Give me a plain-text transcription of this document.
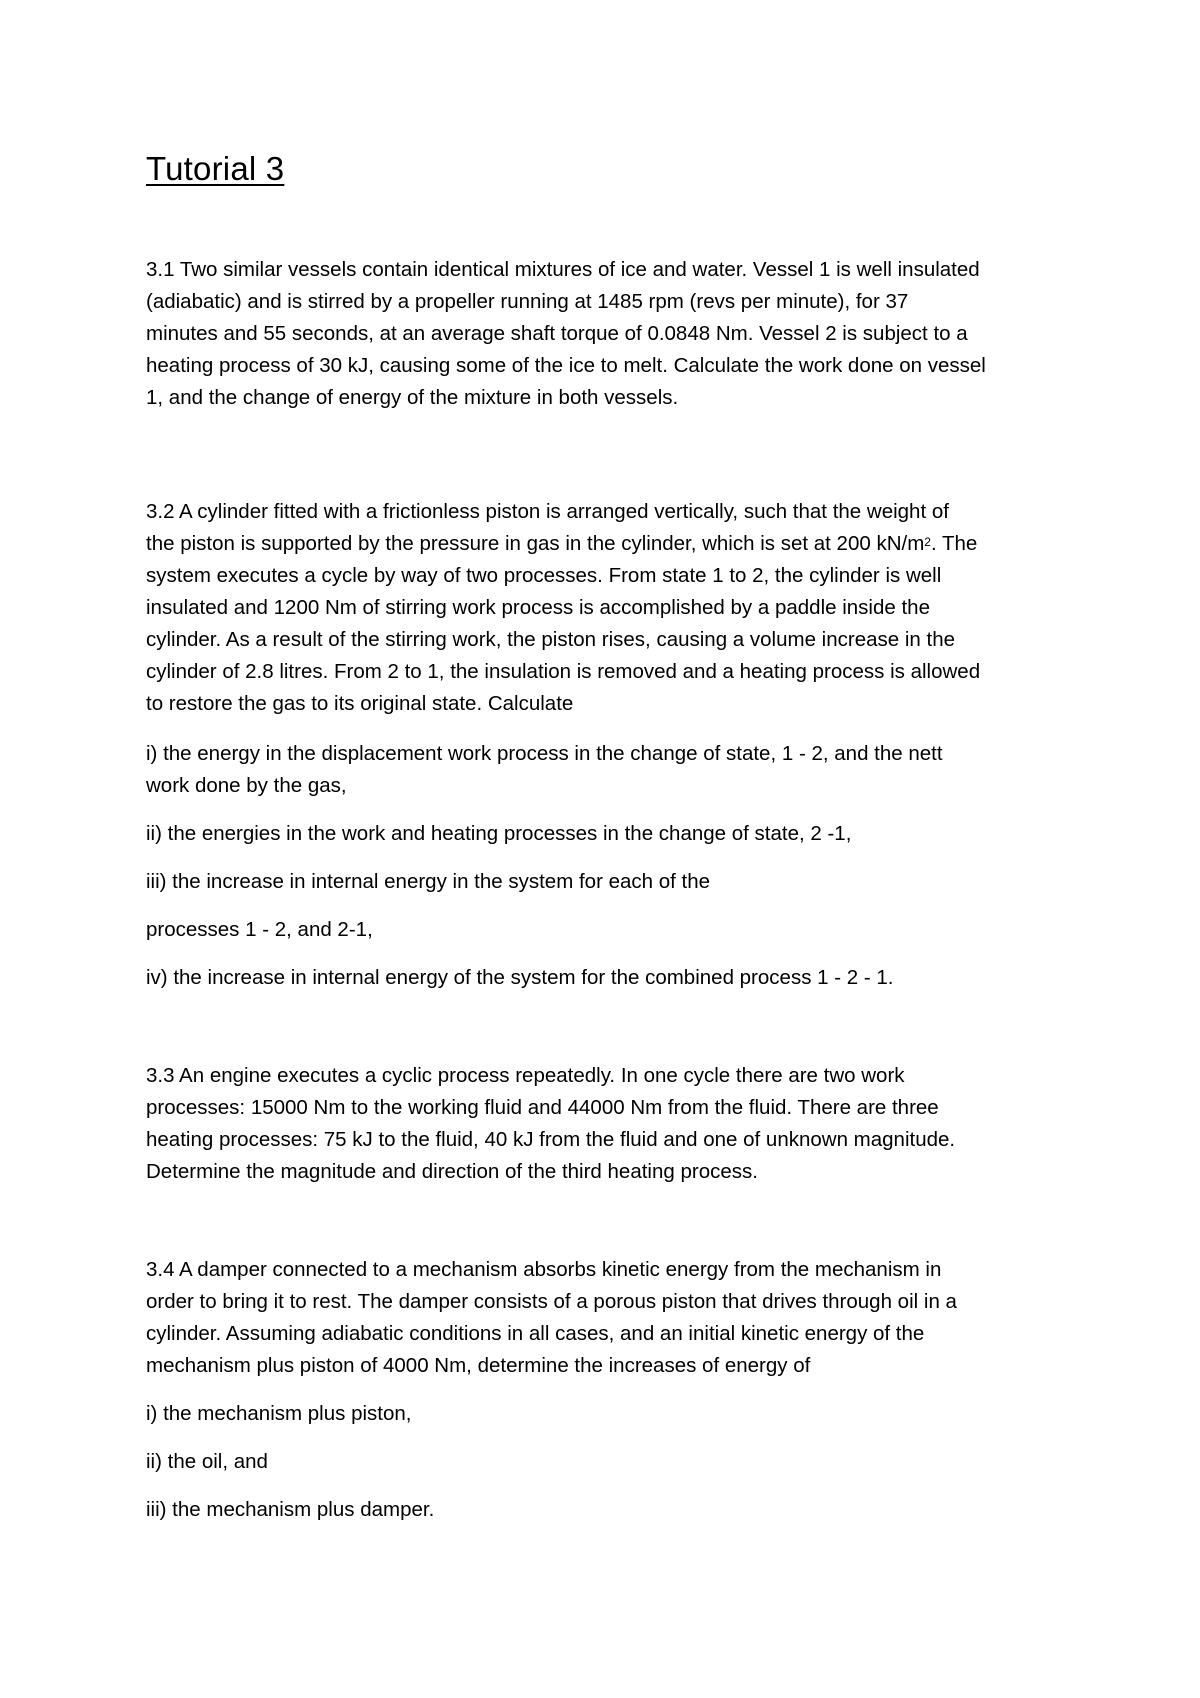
Tutorial 3
3.1 Two similar vessels contain identical mixtures of ice and water. Vessel 1 is well insulated
(adiabatic) and is stirred by a propeller running at 1485 rpm (revs per minute), for 37
minutes and 55 seconds, at an average shaft torque of 0.0848 Nm. Vessel 2 is subject to a
heating process of 30 kJ, causing some of the ice to melt. Calculate the work done on vessel
1, and the change of energy of the mixture in both vessels.
3.2 A cylinder fitted with a frictionless piston is arranged vertically, such that the weight of
the piston is supported by the pressure in gas in the cylinder, which is set at 200 $kN/m^2$. The
system executes a cycle by way of two processes. From state 1 to 2, the cylinder is well
insulated and 1200 Nm of stirring work process is accomplished by a paddle inside the
cylinder. As a result of the stirring work, the piston rises, causing a volume increase in the
cylinder of 2.8 litres. From 2 to 1, the insulation is removed and a heating process is allowed
to restore the gas to its original state. Calculate
i) the energy in the displacement work process in the change of state, 1 - 2, and the nett
work done by the gas,
ii) the energies in the work and heating processes in the change of state, 2 -1,
iii) the increase in internal energy in the system for each of the
processes 1 - 2, and 2-1,
iv) the increase in internal energy of the system for the combined process 1 - 2 - 1.
3.3 An engine executes a cyclic process repeatedly. In one cycle there are two work
processes: 15000 Nm to the working fluid and 44000 Nm from the fluid. There are three
heating processes: 75 kJ to the fluid, 40 kJ from the fluid and one of unknown magnitude.
Determine the magnitude and direction of the third heating process.
3.4 A damper connected to a mechanism absorbs kinetic energy from the mechanism in
order to bring it to rest. The damper consists of a porous piston that drives through oil in a
cylinder. Assuming adiabatic conditions in all cases, and an initial kinetic energy of the
mechanism plus piston of 4000 Nm, determine the increases of energy of
i) the mechanism plus piston,
ii) the oil, and
iii) the mechanism plus damper.
